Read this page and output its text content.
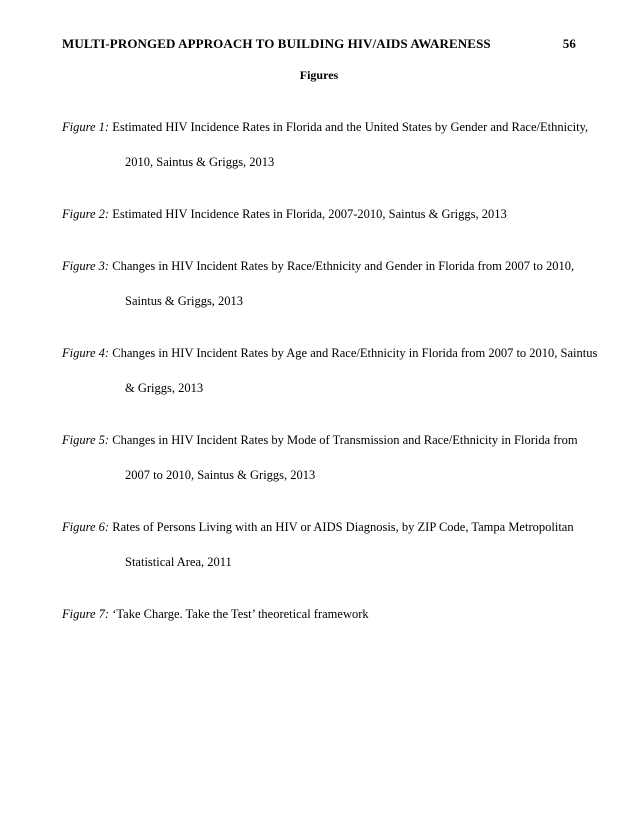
MULTI-PRONGED APPROACH TO BUILDING HIV/AIDS AWARENESS	56
Figures
Figure 1: Estimated HIV Incidence Rates in Florida and the United States by Gender and Race/Ethnicity, 2010, Saintus & Griggs, 2013
Figure 2: Estimated HIV Incidence Rates in Florida, 2007-2010, Saintus & Griggs, 2013
Figure 3: Changes in HIV Incident Rates by Race/Ethnicity and Gender in Florida from 2007 to 2010, Saintus & Griggs, 2013
Figure 4: Changes in HIV Incident Rates by Age and Race/Ethnicity in Florida from 2007 to 2010, Saintus & Griggs, 2013
Figure 5: Changes in HIV Incident Rates by Mode of Transmission and Race/Ethnicity in Florida from 2007 to 2010, Saintus & Griggs, 2013
Figure 6: Rates of Persons Living with an HIV or AIDS Diagnosis, by ZIP Code, Tampa Metropolitan Statistical Area, 2011
Figure 7: ‘Take Charge. Take the Test’ theoretical framework
